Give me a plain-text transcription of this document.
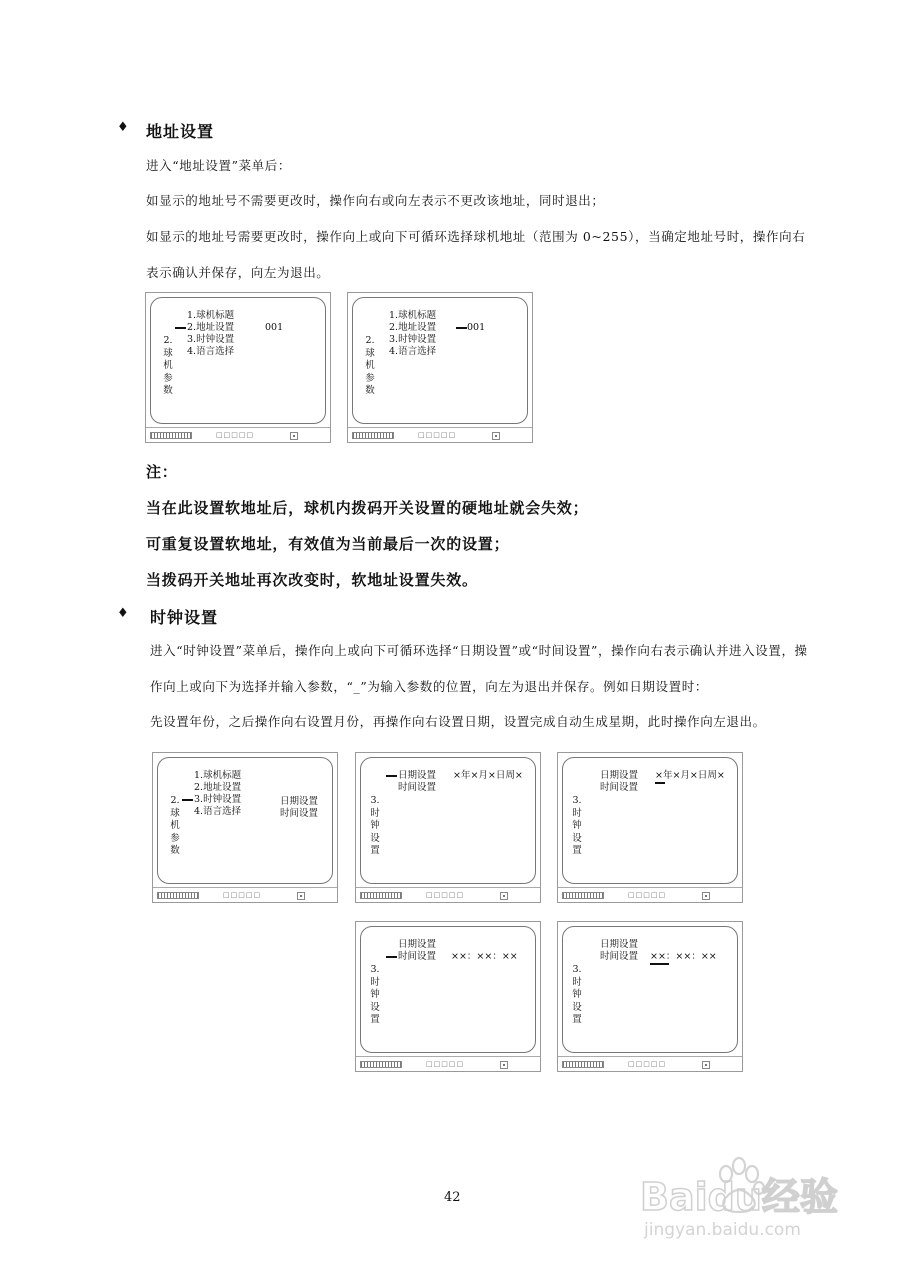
♦ 地址设置
进入“地址设置”菜单后：
如显示的地址号不需要更改时，操作向右或向左表示不更改该地址，同时退出；
如显示的地址号需要更改时，操作向上或向下可循环选择球机地址（范围为 0~255），当确定地址号时，操作向右
表示确认并保存，向左为退出。
1.球机标题
2.地址设置
3.时钟设置
4.语言选择
001
2.
球
机
参
数
□□□□□
1.球机标题
2.地址设置
3.时钟设置
4.语言选择
001
2.
球
机
参
数
□□□□□
注：
当在此设置软地址后，球机内拨码开关设置的硬地址就会失效；
可重复设置软地址，有效值为当前最后一次的设置；
当拨码开关地址再次改变时，软地址设置失效。
♦ 时钟设置
进入“时钟设置”菜单后，操作向上或向下可循环选择“日期设置”或“时间设置”，操作向右表示确认并进入设置，操
作向上或向下为选择并输入参数，“_”为输入参数的位置，向左为退出并保存。例如日期设置时：
先设置年份，之后操作向右设置月份，再操作向右设置日期，设置完成自动生成星期，此时操作向左退出。
1.球机标题
2.地址设置
3.时钟设置
4.语言选择
日期设置
时间设置
2.
球
机
参
数
□□□□□
日期设置
时间设置
×年×月×日周×
3.
时
钟
设
置
□□□□□
日期设置
时间设置
×年×月×日周×
3.
时
钟
设
置
□□□□□
日期设置
时间设置 ××：××：××
3.
时
钟
设
置
□□□□□
日期设置
时间设置 ××：××：××
3.
时
钟
设
置
□□□□□
42	Baidu经验
jingyan.baidu.com
